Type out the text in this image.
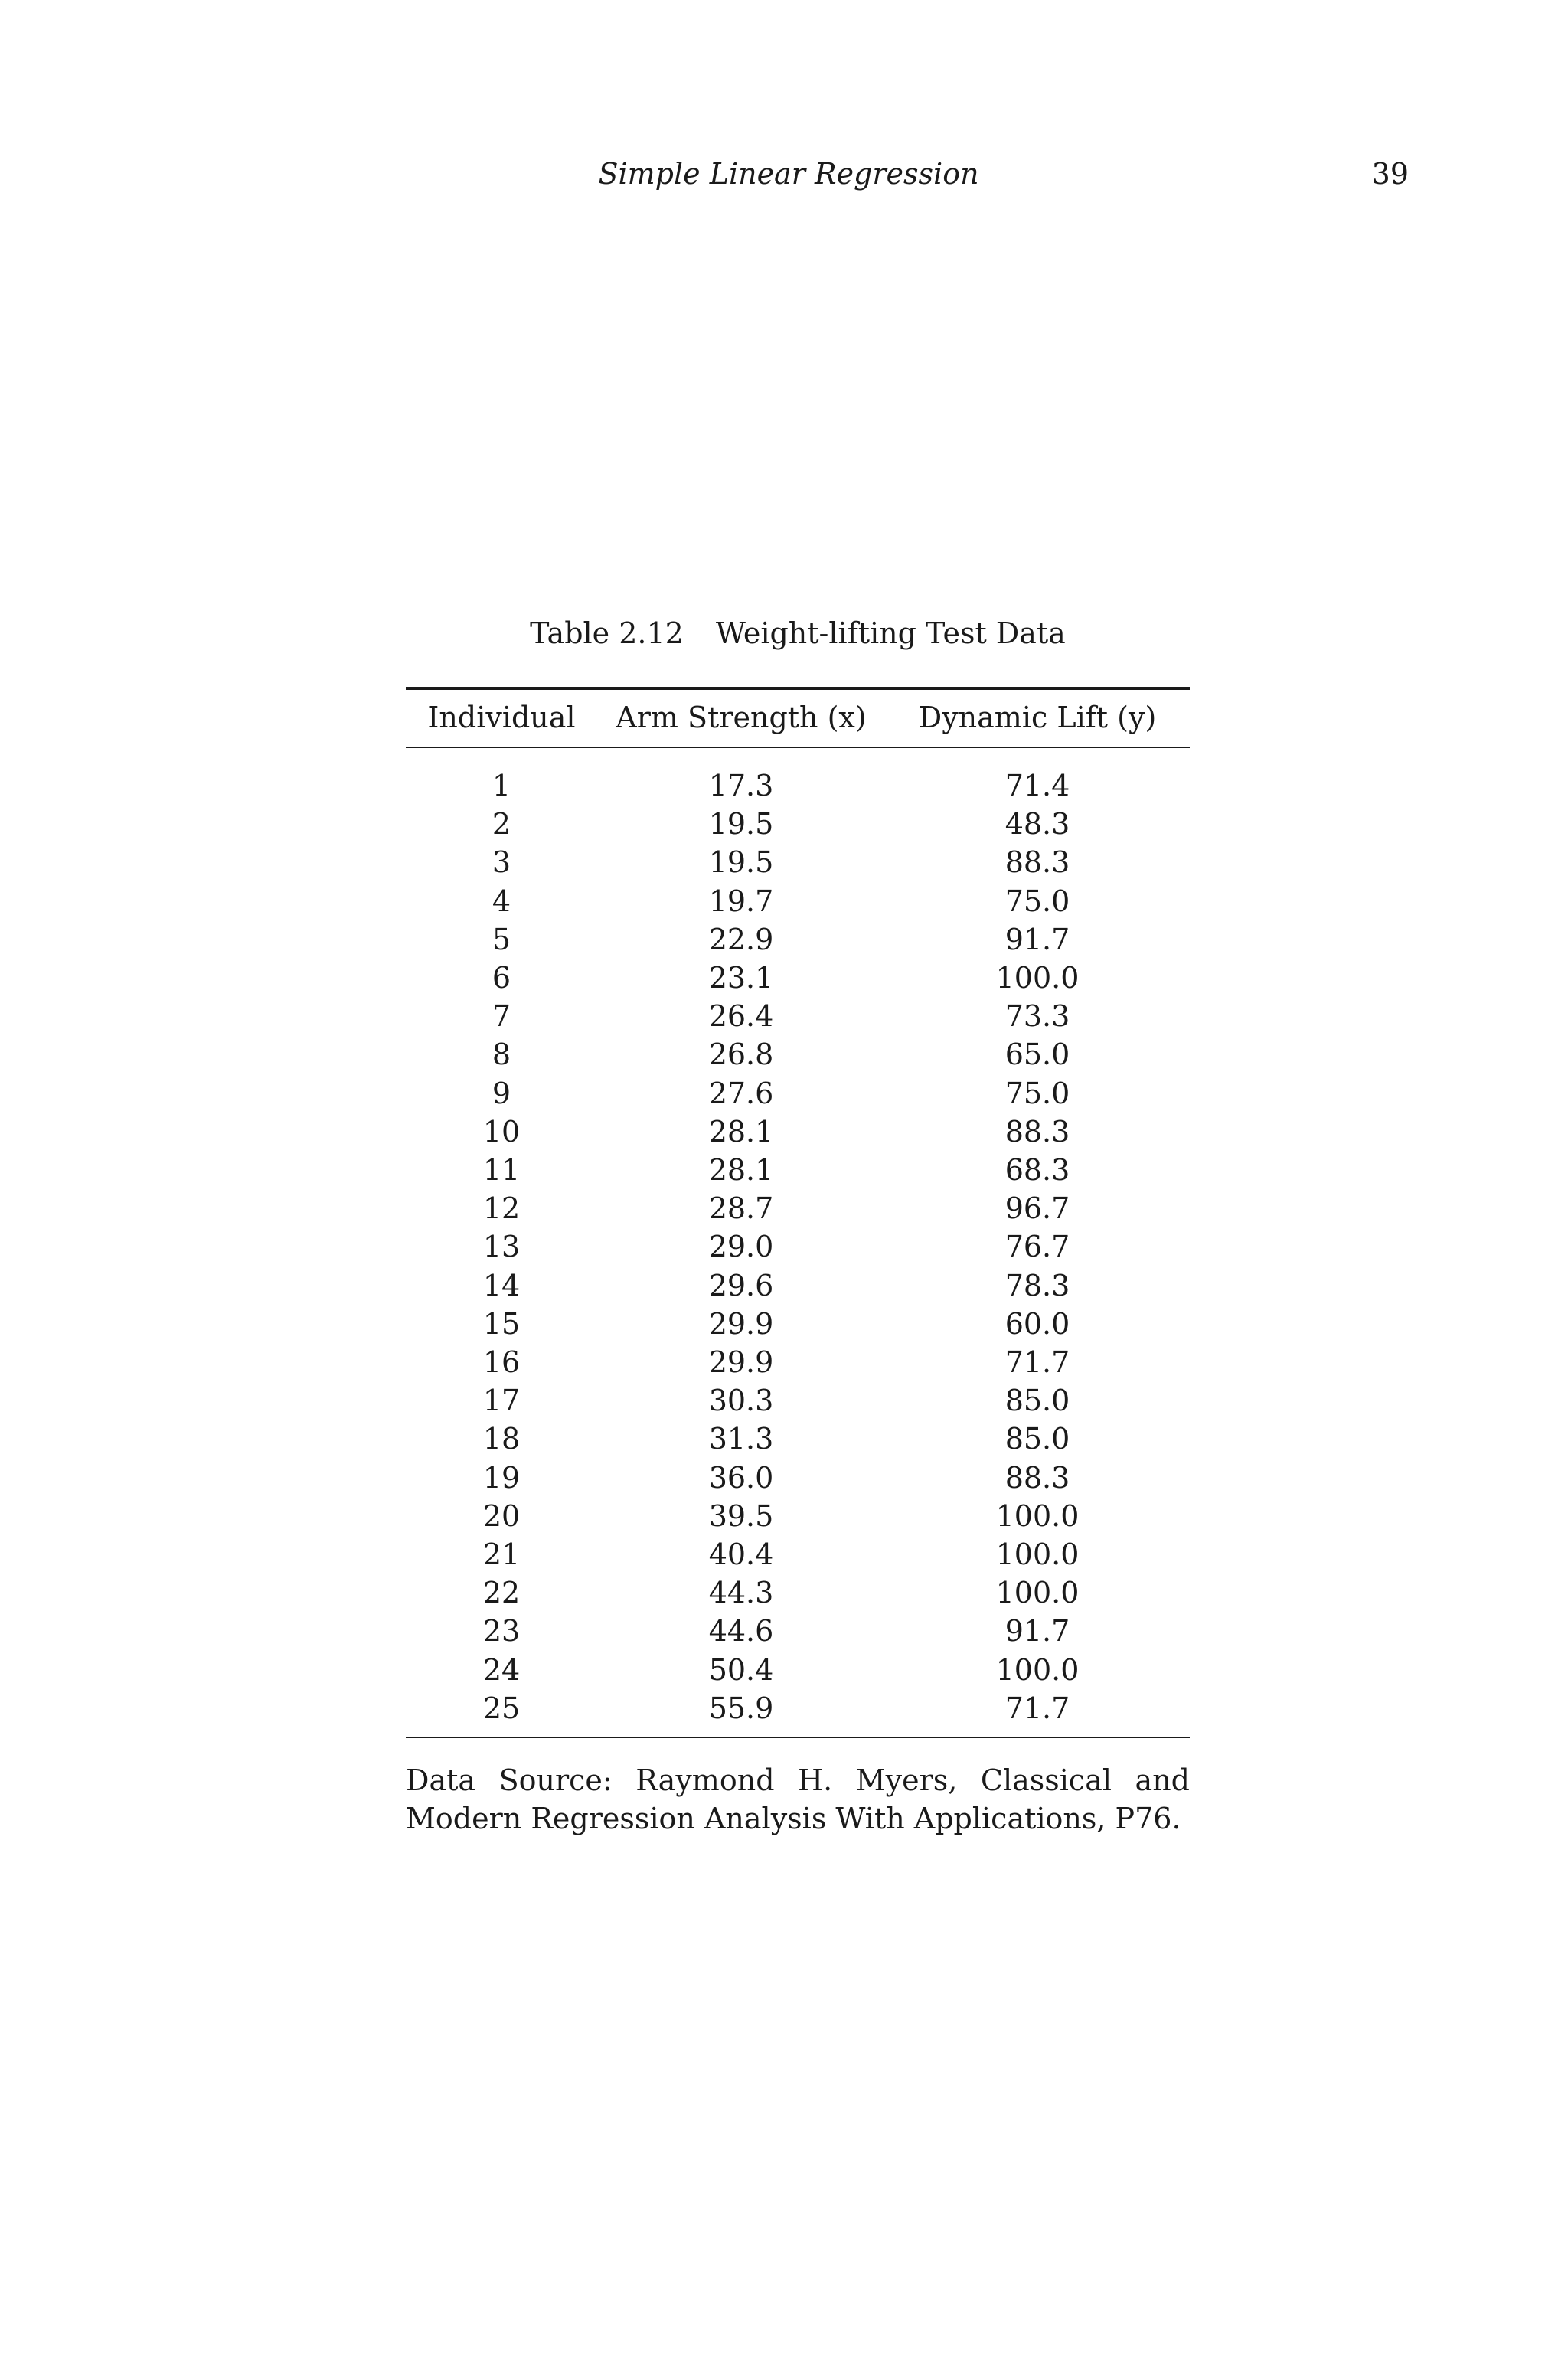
Simple Linear Regression	39
Table 2.12 Weight-lifting Test Data
Individual	Arm Strength (x)	Dynamic Lift (y)
1	17.3	71.4
2	19.5	48.3
3	19.5	88.3
4	19.7	75.0
5	22.9	91.7
6	23.1	100.0
7	26.4	73.3
8	26.8	65.0
9	27.6	75.0
10	28.1	88.3
11	28.1	68.3
12	28.7	96.7
13	29.0	76.7
14	29.6	78.3
15	29.9	60.0
16	29.9	71.7
17	30.3	85.0
18	31.3	85.0
19	36.0	88.3
20	39.5	100.0
21	40.4	100.0
22	44.3	100.0
23	44.6	91.7
24	50.4	100.0
25	55.9	71.7
Data Source: Raymond H. Myers, Classical and Modern Regression Analysis With Applications, P76.
